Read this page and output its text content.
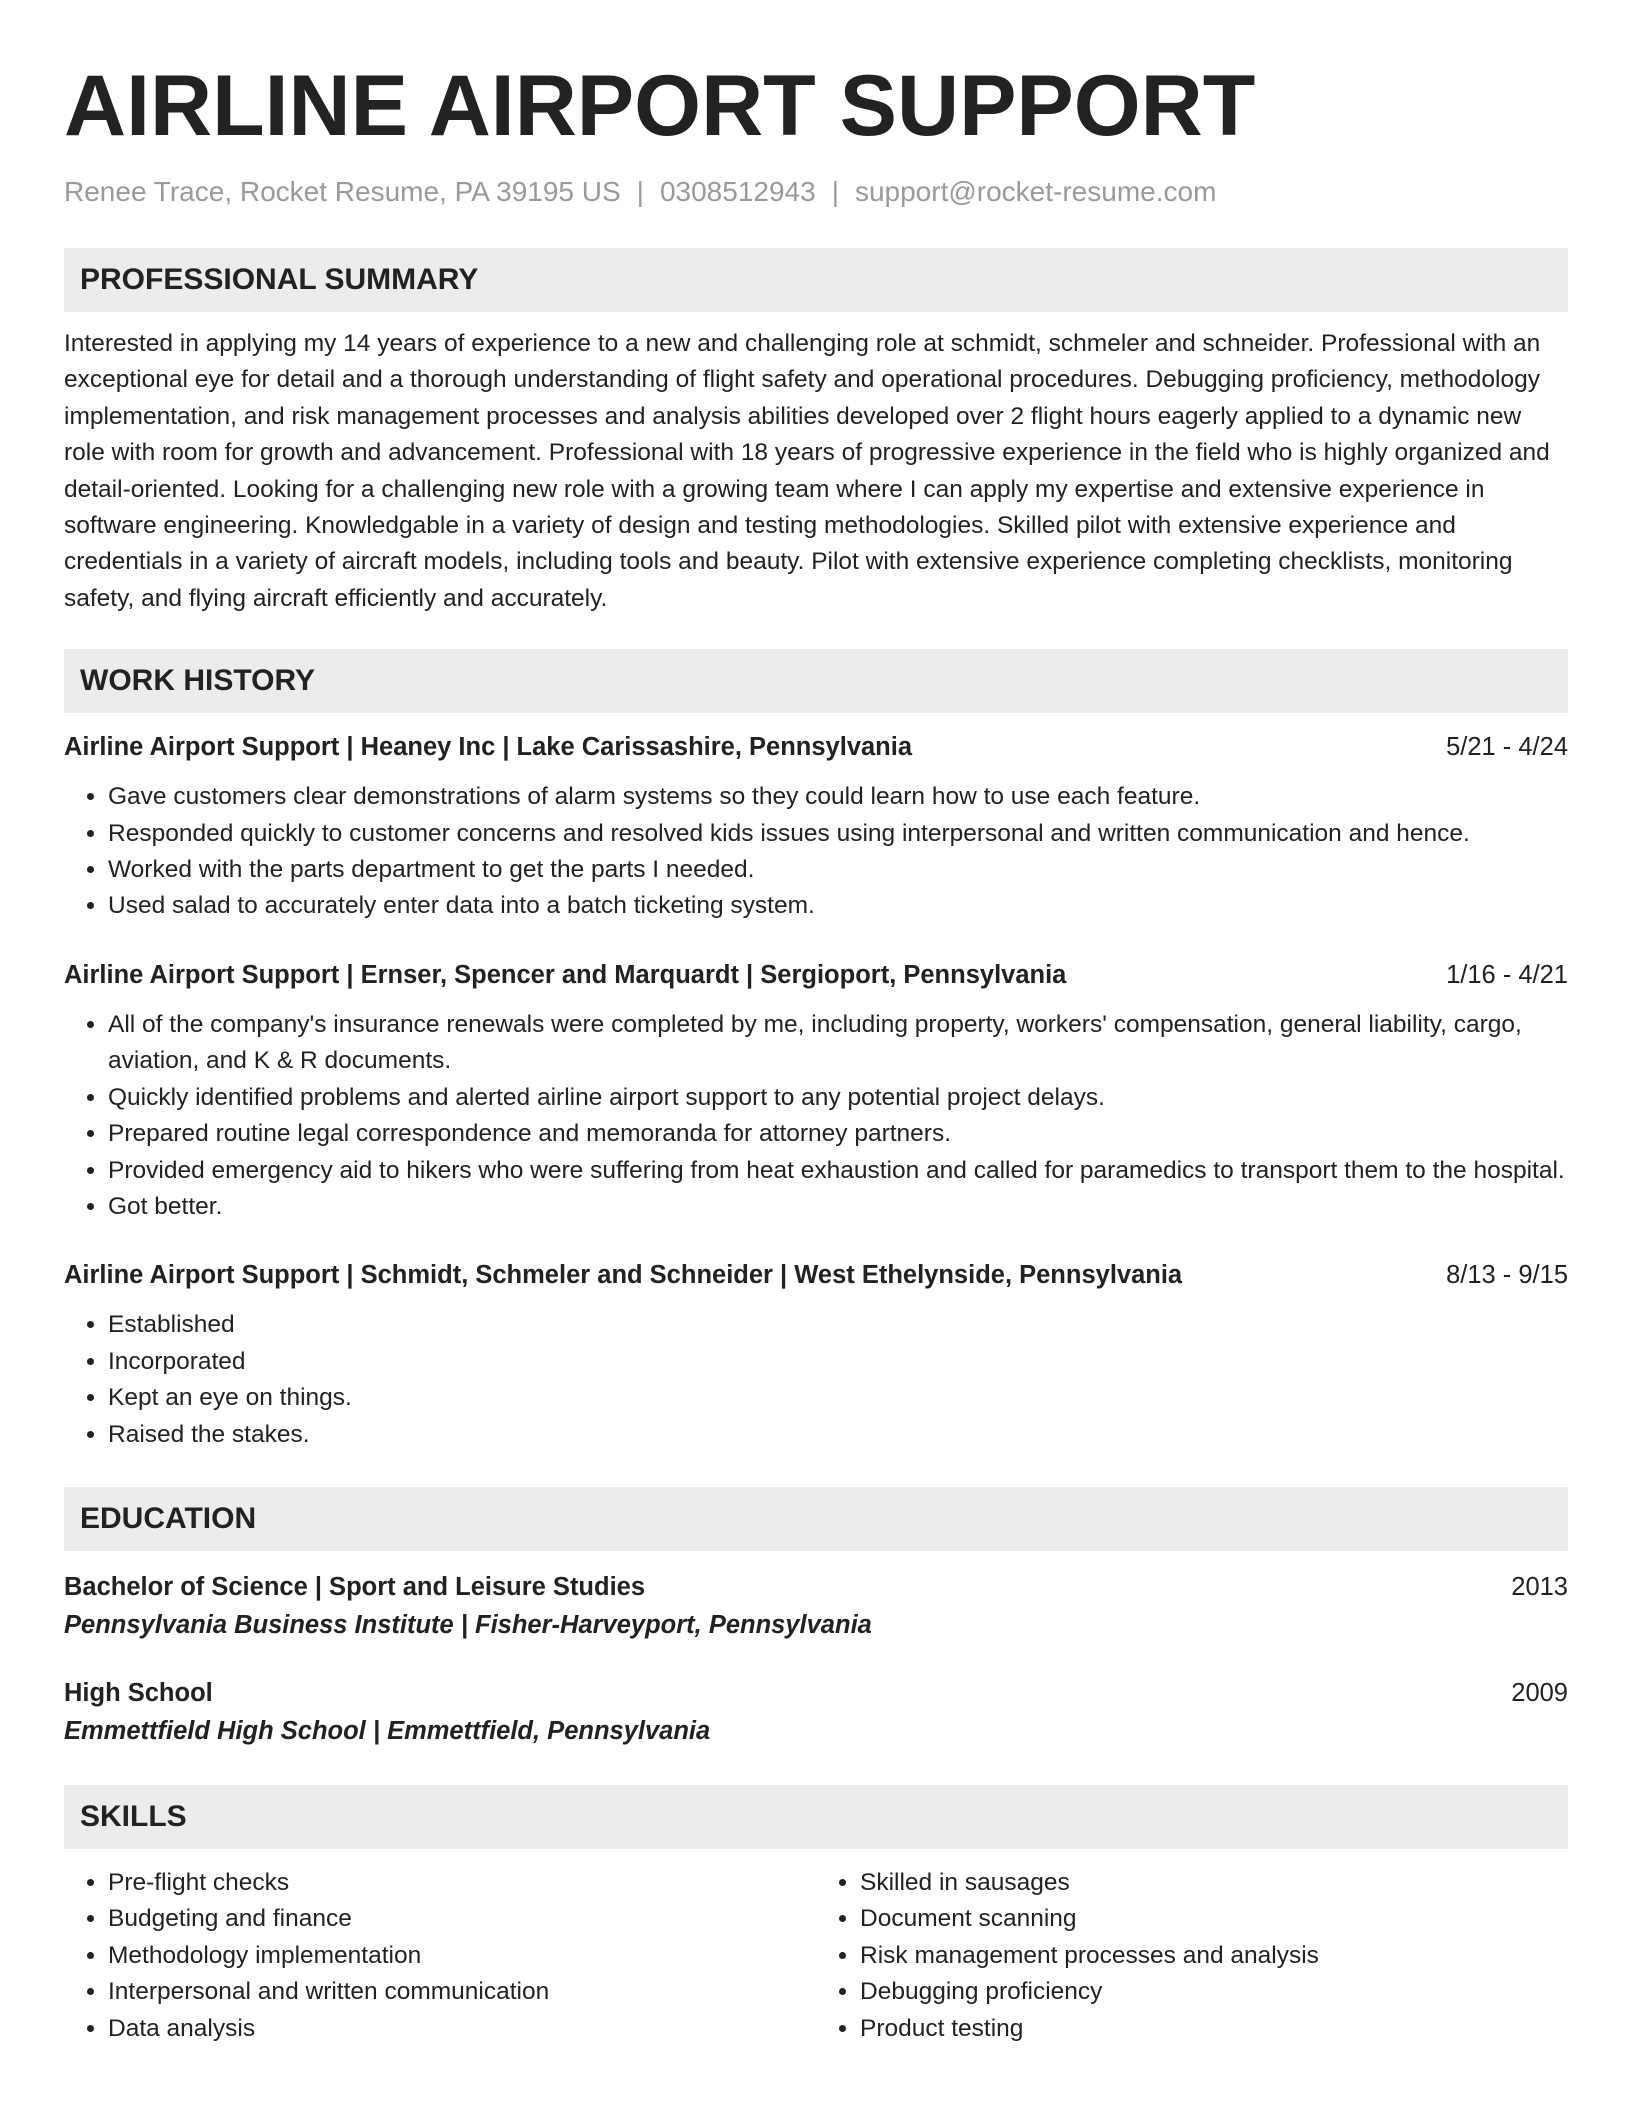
AIRLINE AIRPORT SUPPORT
Renee Trace, Rocket Resume, PA 39195 US | 0308512943 | support@rocket-resume.com
PROFESSIONAL SUMMARY

Interested in applying my 14 years of experience to a new and challenging role at schmidt, schmeler and schneider. Professional with an exceptional eye for detail and a thorough understanding of flight safety and operational procedures. Debugging proficiency, methodology implementation, and risk management processes and analysis abilities developed over 2 flight hours eagerly applied to a dynamic new role with room for growth and advancement. Professional with 18 years of progressive experience in the field who is highly organized and detail-oriented. Looking for a challenging new role with a growing team where I can apply my expertise and extensive experience in software engineering. Knowledgable in a variety of design and testing methodologies. Skilled pilot with extensive experience and credentials in a variety of aircraft models, including tools and beauty. Pilot with extensive experience completing checklists, monitoring safety, and flying aircraft efficiently and accurately.

WORK HISTORY
Airline Airport Support | Heaney Inc | Lake Carissashire, Pennsylvania	5/21 - 4/24
• Gave customers clear demonstrations of alarm systems so they could learn how to use each feature.
• Responded quickly to customer concerns and resolved kids issues using interpersonal and written communication and hence.
• Worked with the parts department to get the parts I needed.
• Used salad to accurately enter data into a batch ticketing system.
Airline Airport Support | Ernser, Spencer and Marquardt | Sergioport, Pennsylvania	1/16 - 4/21
• All of the company's insurance renewals were completed by me, including property, workers' compensation, general liability, cargo, aviation, and K & R documents.
• Quickly identified problems and alerted airline airport support to any potential project delays.
• Prepared routine legal correspondence and memoranda for attorney partners.
• Provided emergency aid to hikers who were suffering from heat exhaustion and called for paramedics to transport them to the hospital.
• Got better.
Airline Airport Support | Schmidt, Schmeler and Schneider | West Ethelynside, Pennsylvania	8/13 - 9/15
• Established
• Incorporated
• Kept an eye on things.
• Raised the stakes.
EDUCATION
Bachelor of Science | Sport and Leisure Studies	2013
Pennsylvania Business Institute | Fisher-Harveyport, Pennsylvania
High School	2009
Emmettfield High School | Emmettfield, Pennsylvania
SKILLS
• Pre-flight checks
• Budgeting and finance
• Methodology implementation
• Interpersonal and written communication
• Data analysis
• Skilled in sausages
• Document scanning
• Risk management processes and analysis
• Debugging proficiency
• Product testing
